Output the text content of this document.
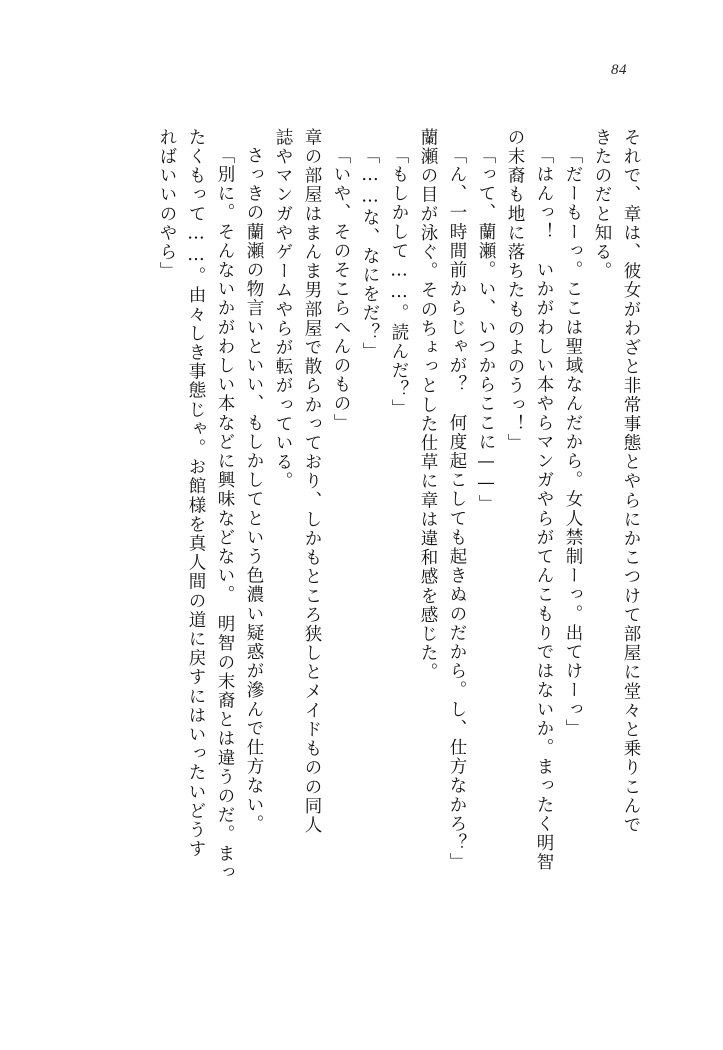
84
それで、章は、彼女がわざと非常事態とやらにかこつけて部屋に堂々と乗りこんで
きたのだと知る。
「だーもーっ。ここは聖域なんだから。女人禁制ーっ。出てけーっ」
「はんっ！　いかがわしい本やらマンガやらがてんこもりではないか。まったく明智
の末裔も地に落ちたものよのうっ！」
「って、蘭瀬。い、いつからここに——」
「ん、一時間前からじゃが？　何度起こしても起きぬのだから。し、仕方なかろ？」
蘭瀬の目が泳ぐ。そのちょっとした仕草に章は違和感を感じた。
「もしかして……。読んだ？」
「……な、なにをだ？」
「いや、そのそこらへんのもの」
章の部屋はまんま男部屋で散らかっており、しかもところ狭しとメイドものの同人
誌やマンガやゲームやらが転がっている。
さっきの蘭瀬の物言いといい、もしかしてという色濃い疑惑が滲んで仕方ない。
「別に。そんないかがわしい本などに興味などない。　明智の末裔とは違うのだ。まっ
たくもって……。由々しき事態じゃ。お館様を真人間の道に戻すにはいったいどうす
ればいいのやら」
